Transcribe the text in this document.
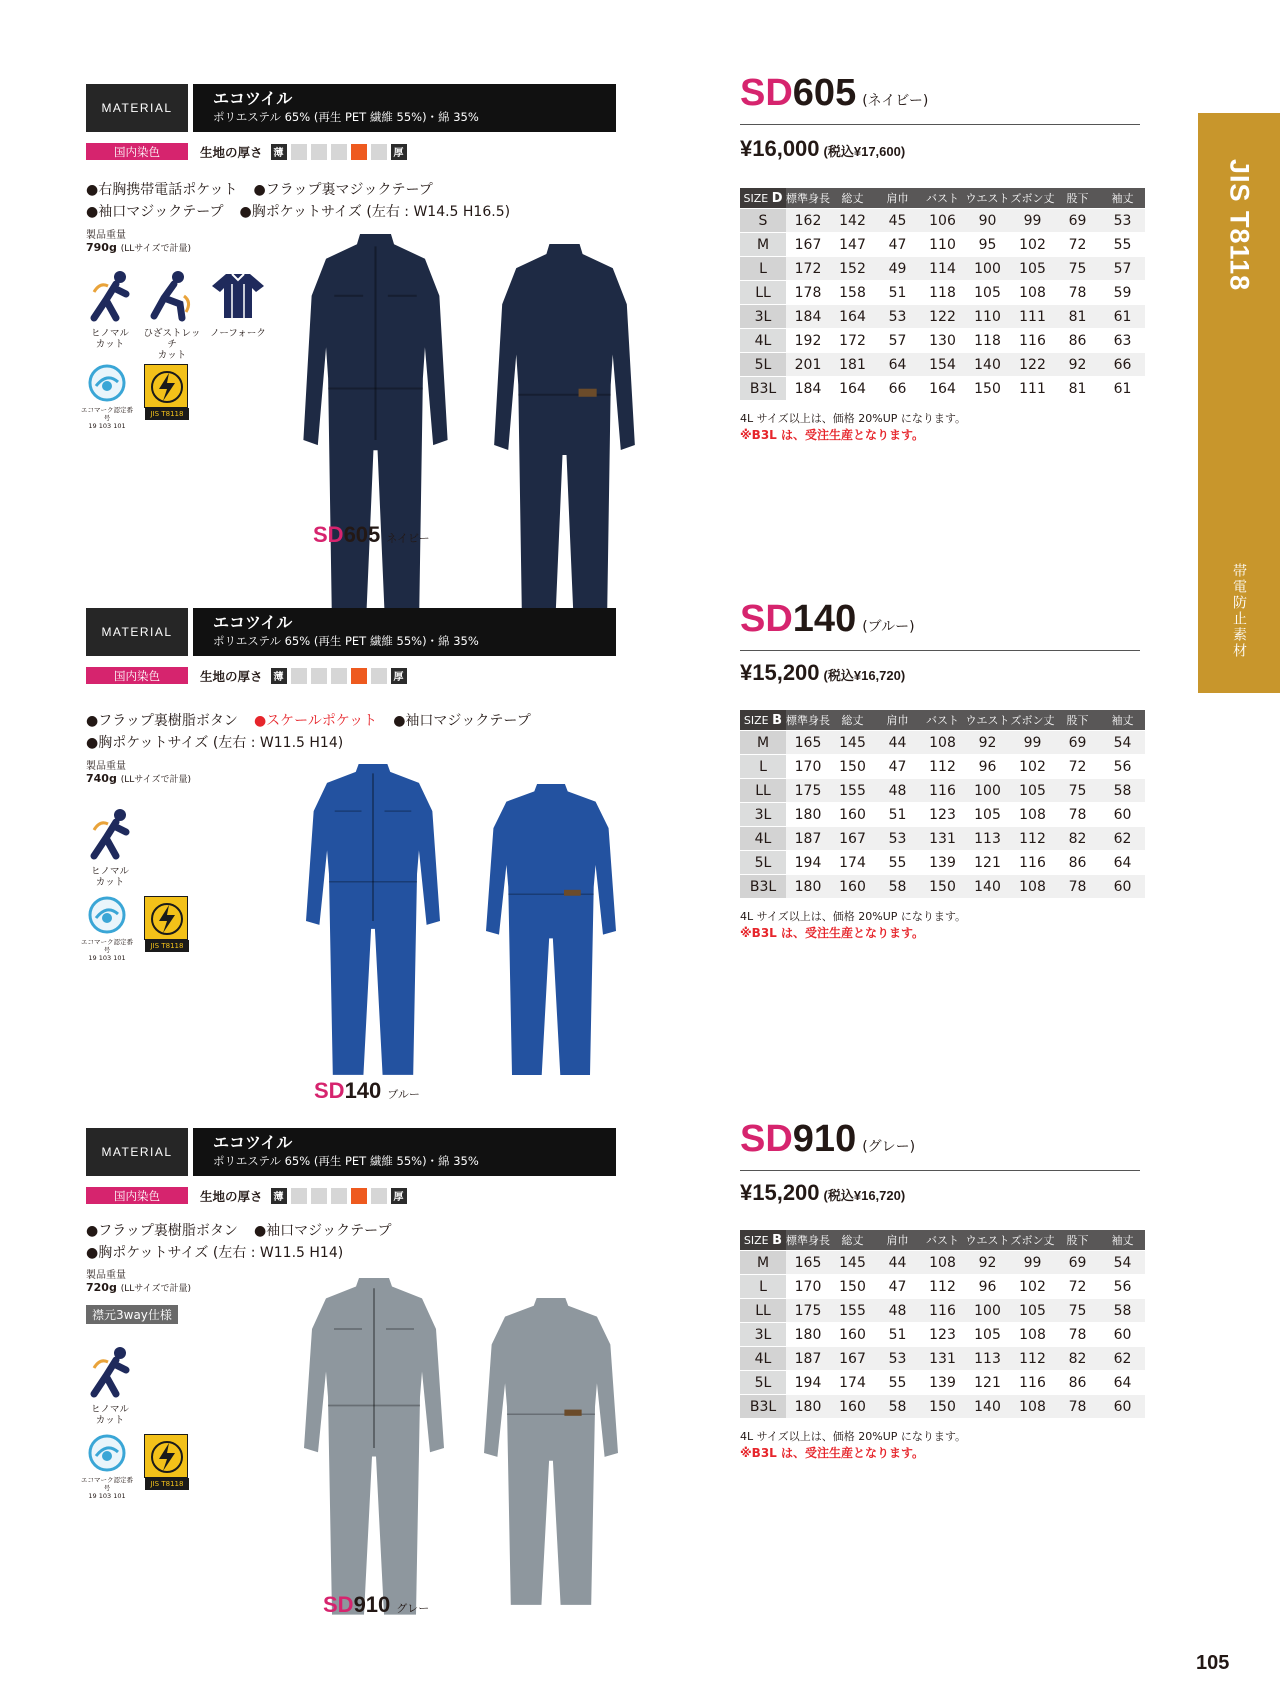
JIS T8118
帯電防止素材
MATERIAL	エコツイル
ポリエステル 65% (再生 PET 繊維 55%)・綿 35%
国内染色	生地の厚さ	薄	厚
●右胸携帯電話ポケット ●フラップ裏マジックテープ
●袖口マジックテープ ●胸ポケットサイズ (左右 : W14.5 H16.5)
製品重量
790g (LLサイズで計量)
ヒノマル
カット
ひざストレッチ
カット
ノーフォーク
エコマーク認定番号
19 103 101
JIS T8118
SD605 ネイビー
SD605 (ネイビー)
¥16,000 (税込¥17,600)
SIZE D	標準身長	総丈	肩巾	バスト	ウエスト	ズボン丈	股下	袖丈
S	162	142	45	106	90	99	69	53
M	167	147	47	110	95	102	72	55
L	172	152	49	114	100	105	75	57
LL	178	158	51	118	105	108	78	59
3L	184	164	53	122	110	111	81	61
4L	192	172	57	130	118	116	86	63
5L	201	181	64	154	140	122	92	66
B3L	184	164	66	164	150	111	81	61
4L サイズ以上は、価格 20%UP になります。
※B3L は、受注生産となります。
MATERIAL	エコツイル
ポリエステル 65% (再生 PET 繊維 55%)・綿 35%
国内染色	生地の厚さ	薄	厚
●フラップ裏樹脂ボタン ●スケールポケット ●袖口マジックテープ
●胸ポケットサイズ (左右 : W11.5 H14)
製品重量
740g (LLサイズで計量)
ヒノマル
カット
エコマーク認定番号
19 103 101
JIS T8118
SD140 ブルー
SD140 (ブルー)
¥15,200 (税込¥16,720)
SIZE B	標準身長	総丈	肩巾	バスト	ウエスト	ズボン丈	股下	袖丈
M	165	145	44	108	92	99	69	54
L	170	150	47	112	96	102	72	56
LL	175	155	48	116	100	105	75	58
3L	180	160	51	123	105	108	78	60
4L	187	167	53	131	113	112	82	62
5L	194	174	55	139	121	116	86	64
B3L	180	160	58	150	140	108	78	60
4L サイズ以上は、価格 20%UP になります。
※B3L は、受注生産となります。
MATERIAL	エコツイル
ポリエステル 65% (再生 PET 繊維 55%)・綿 35%
国内染色	生地の厚さ	薄	厚
●フラップ裏樹脂ボタン ●袖口マジックテープ
●胸ポケットサイズ (左右 : W11.5 H14)
製品重量
720g (LLサイズで計量)
襟元3way仕様
ヒノマル
カット
エコマーク認定番号
19 103 101
JIS T8118
SD910 グレー
SD910 (グレー)
¥15,200 (税込¥16,720)
SIZE B	標準身長	総丈	肩巾	バスト	ウエスト	ズボン丈	股下	袖丈
M	165	145	44	108	92	99	69	54
L	170	150	47	112	96	102	72	56
LL	175	155	48	116	100	105	75	58
3L	180	160	51	123	105	108	78	60
4L	187	167	53	131	113	112	82	62
5L	194	174	55	139	121	116	86	64
B3L	180	160	58	150	140	108	78	60
4L サイズ以上は、価格 20%UP になります。
※B3L は、受注生産となります。
105
